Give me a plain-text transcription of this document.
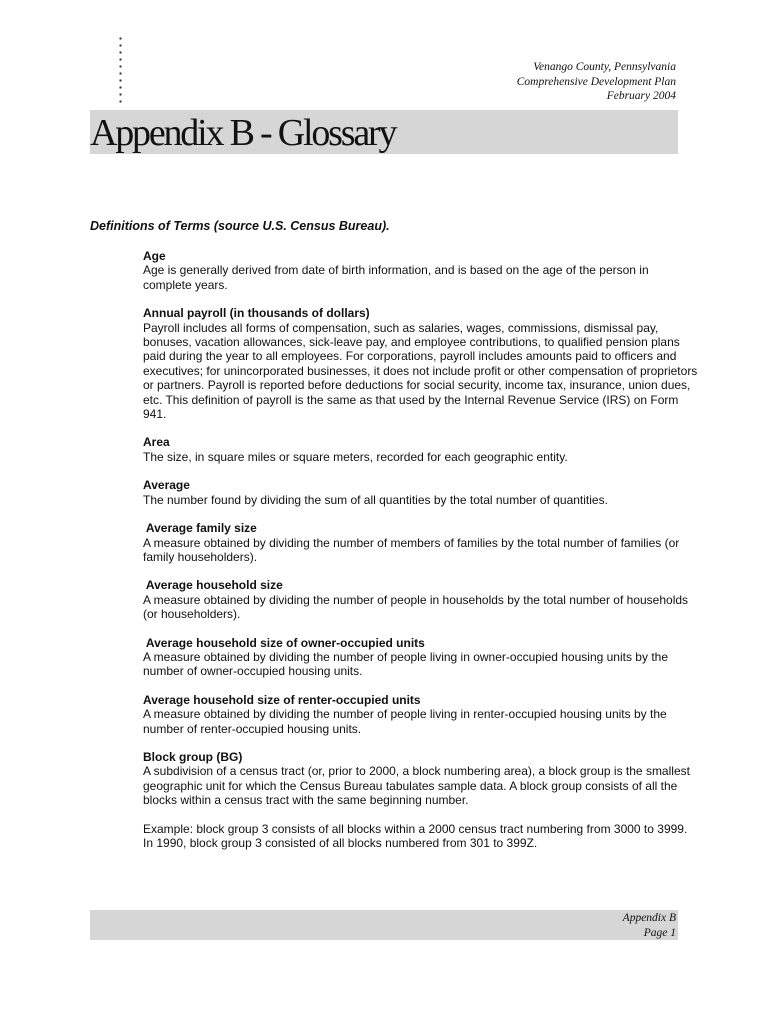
Venango County, Pennsylvania
Comprehensive Development Plan
February 2004
Appendix B - Glossary
Definitions of Terms (source U.S. Census Bureau).
Age

Age is generally derived from date of birth information, and is based on the age of the person in complete years.

Annual payroll (in thousands of dollars)

Payroll includes all forms of compensation, such as salaries, wages, commissions, dismissal pay, bonuses, vacation allowances, sick-leave pay, and employee contributions, to qualified pension plans paid during the year to all employees. For corporations, payroll includes amounts paid to officers and executives; for unincorporated businesses, it does not include profit or other compensation of proprietors or partners. Payroll is reported before deductions for social security, income tax, insurance, union dues, etc. This definition of payroll is the same as that used by the Internal Revenue Service (IRS) on Form 941.

Area

The size, in square miles or square meters, recorded for each geographic entity.

Average

The number found by dividing the sum of all quantities by the total number of quantities.

Average family size

A measure obtained by dividing the number of members of families by the total number of families (or family householders).

Average household size

A measure obtained by dividing the number of people in households by the total number of households (or householders).

Average household size of owner-occupied units

A measure obtained by dividing the number of people living in owner-occupied housing units by the number of owner-occupied housing units.

Average household size of renter-occupied units

A measure obtained by dividing the number of people living in renter-occupied housing units by the number of renter-occupied housing units.

Block group (BG)

A subdivision of a census tract (or, prior to 2000, a block numbering area), a block group is the smallest geographic unit for which the Census Bureau tabulates sample data. A block group consists of all the blocks within a census tract with the same beginning number.

Example: block group 3 consists of all blocks within a 2000 census tract numbering from 3000 to 3999. In 1990, block group 3 consisted of all blocks numbered from 301 to 399Z.

Appendix B
Page 1
